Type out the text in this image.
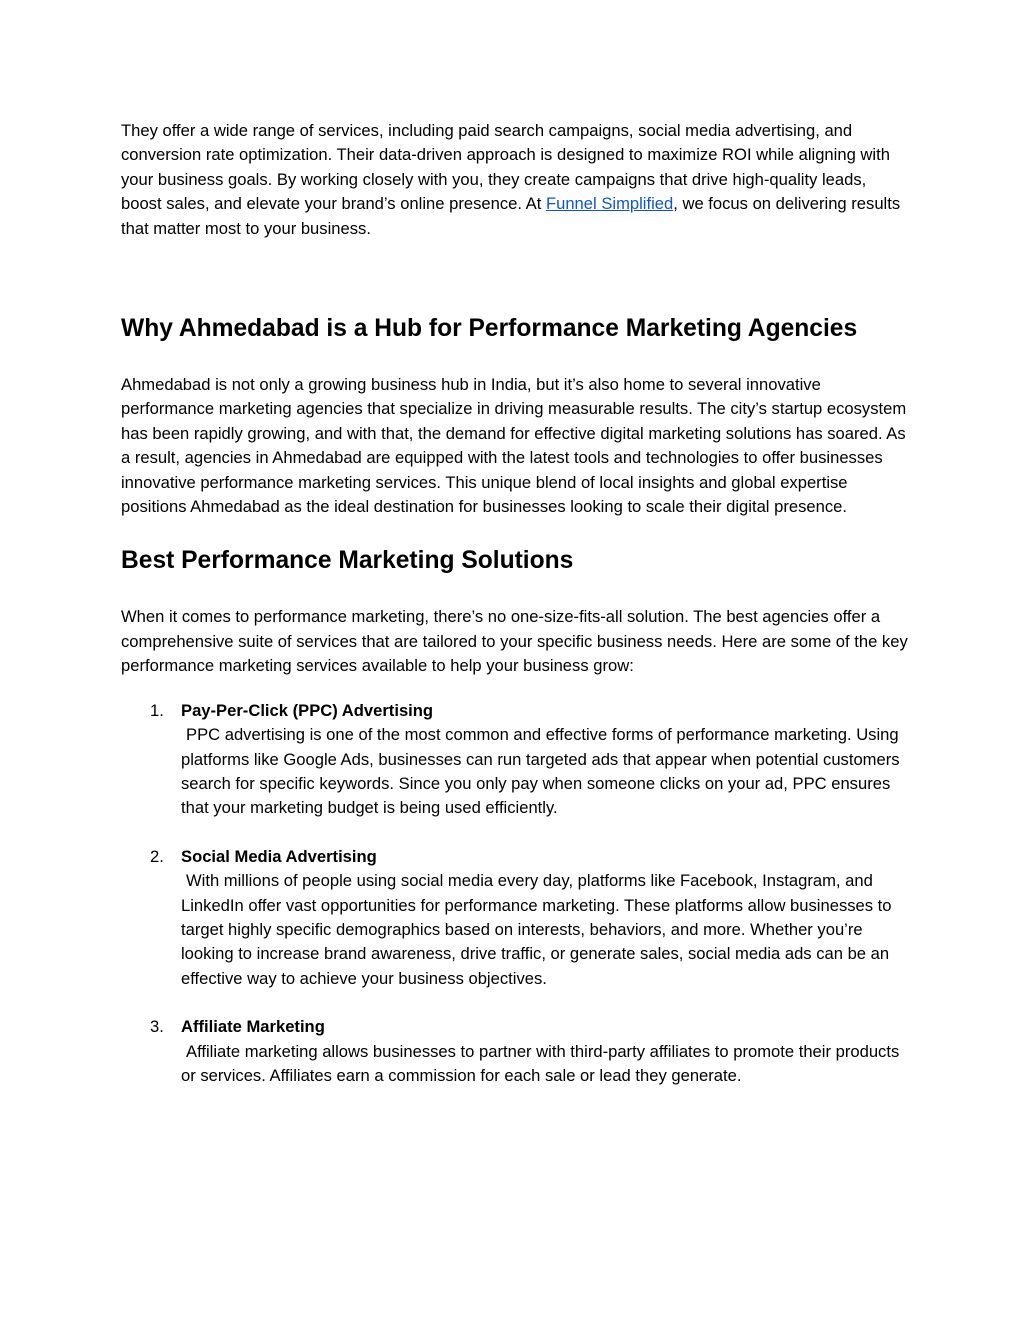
They offer a wide range of services, including paid search campaigns, social media advertising, and conversion rate optimization. Their data-driven approach is designed to maximize ROI while aligning with your business goals. By working closely with you, they create campaigns that drive high-quality leads, boost sales, and elevate your brand’s online presence. At Funnel Simplified, we focus on delivering results that matter most to your business.

Why Ahmedabad is a Hub for Performance Marketing Agencies

Ahmedabad is not only a growing business hub in India, but it’s also home to several innovative performance marketing agencies that specialize in driving measurable results. The city’s startup ecosystem has been rapidly growing, and with that, the demand for effective digital marketing solutions has soared. As a result, agencies in Ahmedabad are equipped with the latest tools and technologies to offer businesses innovative performance marketing services. This unique blend of local insights and global expertise positions Ahmedabad as the ideal destination for businesses looking to scale their digital presence.

Best Performance Marketing Solutions

When it comes to performance marketing, there’s no one-size-fits-all solution. The best agencies offer a comprehensive suite of services that are tailored to your specific business needs. Here are some of the key performance marketing services available to help your business grow:

1. Pay-Per-Click (PPC) Advertising
PPC advertising is one of the most common and effective forms of performance marketing. Using platforms like Google Ads, businesses can run targeted ads that appear when potential customers search for specific keywords. Since you only pay when someone clicks on your ad, PPC ensures that your marketing budget is being used efficiently.
2. Social Media Advertising
With millions of people using social media every day, platforms like Facebook, Instagram, and LinkedIn offer vast opportunities for performance marketing. These platforms allow businesses to target highly specific demographics based on interests, behaviors, and more. Whether you’re looking to increase brand awareness, drive traffic, or generate sales, social media ads can be an effective way to achieve your business objectives.
3. Affiliate Marketing
Affiliate marketing allows businesses to partner with third-party affiliates to promote their products or services. Affiliates earn a commission for each sale or lead they generate.
